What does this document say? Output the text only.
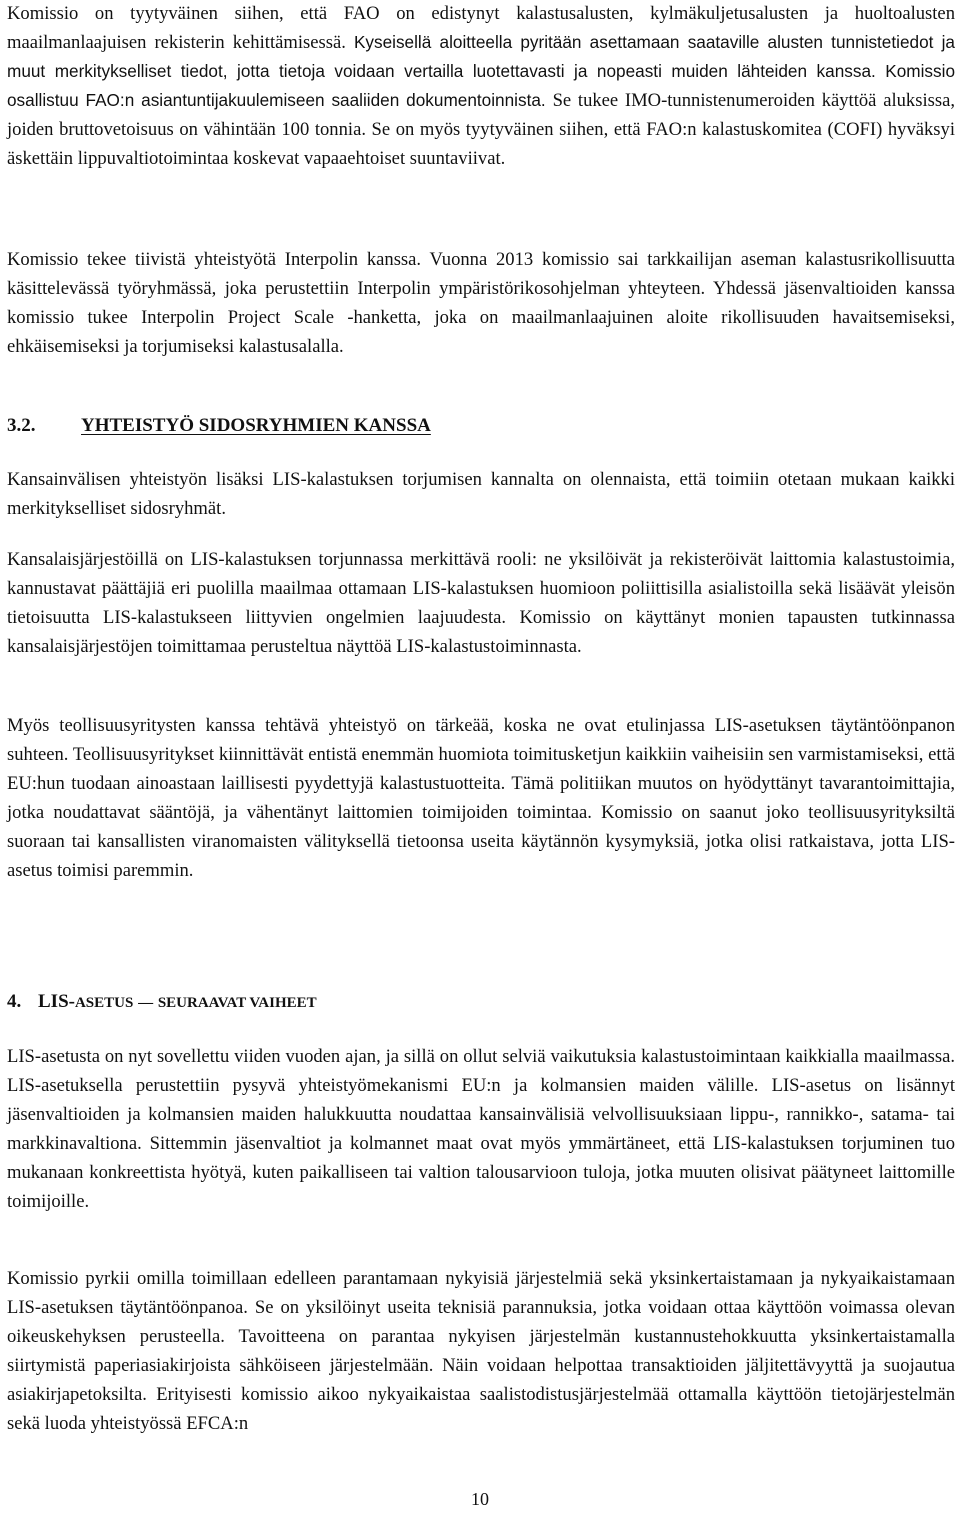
Komissio on tyytyväinen siihen, että FAO on edistynyt kalastusalusten, kylmäkuljetusalusten ja huoltoalusten maailmanlaajuisen rekisterin kehittämisessä. Kyseisellä aloitteella pyritään asettamaan saataville alusten tunnistetiedot ja muut merkitykselliset tiedot, jotta tietoja voidaan vertailla luotettavasti ja nopeasti muiden lähteiden kanssa. Komissio osallistuu FAO:n asiantuntijakuulemiseen saaliiden dokumentoinnista. Se tukee IMO-tunnistenumeroiden käyttöä aluksissa, joiden bruttovetoisuus on vähintään 100 tonnia. Se on myös tyytyväinen siihen, että FAO:n kalastuskomitea (COFI) hyväksyi äskettäin lippuvaltiotoimintaa koskevat vapaaehtoiset suuntaviivat.

Komissio tekee tiivistä yhteistyötä Interpolin kanssa. Vuonna 2013 komissio sai tarkkailijan aseman kalastusrikollisuutta käsittelevässä työryhmässä, joka perustettiin Interpolin ympäristörikosohjelman yhteyteen. Yhdessä jäsenvaltioiden kanssa komissio tukee Interpolin Project Scale -hanketta, joka on maailmanlaajuinen aloite rikollisuuden havaitsemiseksi, ehkäisemiseksi ja torjumiseksi kalastusalalla.

3.2. YHTEISTYÖ SIDOSRYHMIEN KANSSA

Kansainvälisen yhteistyön lisäksi LIS-kalastuksen torjumisen kannalta on olennaista, että toimiin otetaan mukaan kaikki merkitykselliset sidosryhmät.

Kansalaisjärjestöillä on LIS-kalastuksen torjunnassa merkittävä rooli: ne yksilöivät ja rekisteröivät laittomia kalastustoimia, kannustavat päättäjiä eri puolilla maailmaa ottamaan LIS-kalastuksen huomioon poliittisilla asialistoilla sekä lisäävät yleisön tietoisuutta LIS-kalastukseen liittyvien ongelmien laajuudesta. Komissio on käyttänyt monien tapausten tutkinnassa kansalaisjärjestöjen toimittamaa perusteltua näyttöä LIS-kalastustoiminnasta.

Myös teollisuusyritysten kanssa tehtävä yhteistyö on tärkeää, koska ne ovat etulinjassa LIS-asetuksen täytäntöönpanon suhteen. Teollisuusyritykset kiinnittävät entistä enemmän huomiota toimitusketjun kaikkiin vaiheisiin sen varmistamiseksi, että EU:hun tuodaan ainoastaan laillisesti pyydettyjä kalastustuotteita. Tämä politiikan muutos on hyödyttänyt tavarantoimittajia, jotka noudattavat sääntöjä, ja vähentänyt laittomien toimijoiden toimintaa. Komissio on saanut joko teollisuusyrityksiltä suoraan tai kansallisten viranomaisten välityksellä tietoonsa useita käytännön kysymyksiä, jotka olisi ratkaistava, jotta LIS-asetus toimisi paremmin.

4. LIS-ASETUS — SEURAAVAT VAIHEET

LIS-asetusta on nyt sovellettu viiden vuoden ajan, ja sillä on ollut selviä vaikutuksia kalastustoimintaan kaikkialla maailmassa. LIS-asetuksella perustettiin pysyvä yhteistyömekanismi EU:n ja kolmansien maiden välille. LIS-asetus on lisännyt jäsenvaltioiden ja kolmansien maiden halukkuutta noudattaa kansainvälisiä velvollisuuksiaan lippu-, rannikko-, satama- tai markkinavaltiona. Sittemmin jäsenvaltiot ja kolmannet maat ovat myös ymmärtäneet, että LIS-kalastuksen torjuminen tuo mukanaan konkreettista hyötyä, kuten paikalliseen tai valtion talousarvioon tuloja, jotka muuten olisivat päätyneet laittomille toimijoille.

Komissio pyrkii omilla toimillaan edelleen parantamaan nykyisiä järjestelmiä sekä yksinkertaistamaan ja nykyaikaistamaan LIS-asetuksen täytäntöönpanoa. Se on yksilöinyt useita teknisiä parannuksia, jotka voidaan ottaa käyttöön voimassa olevan oikeuskehyksen perusteella. Tavoitteena on parantaa nykyisen järjestelmän kustannustehokkuutta yksinkertaistamalla siirtymistä paperiasiakirjoista sähköiseen järjestelmään. Näin voidaan helpottaa transaktioiden jäljitettävyyttä ja suojautua asiakirjapetoksilta. Erityisesti komissio aikoo nykyaikaistaa saalistodistusjärjestelmää ottamalla käyttöön tietojärjestelmän sekä luoda yhteistyössä EFCA:n

10
